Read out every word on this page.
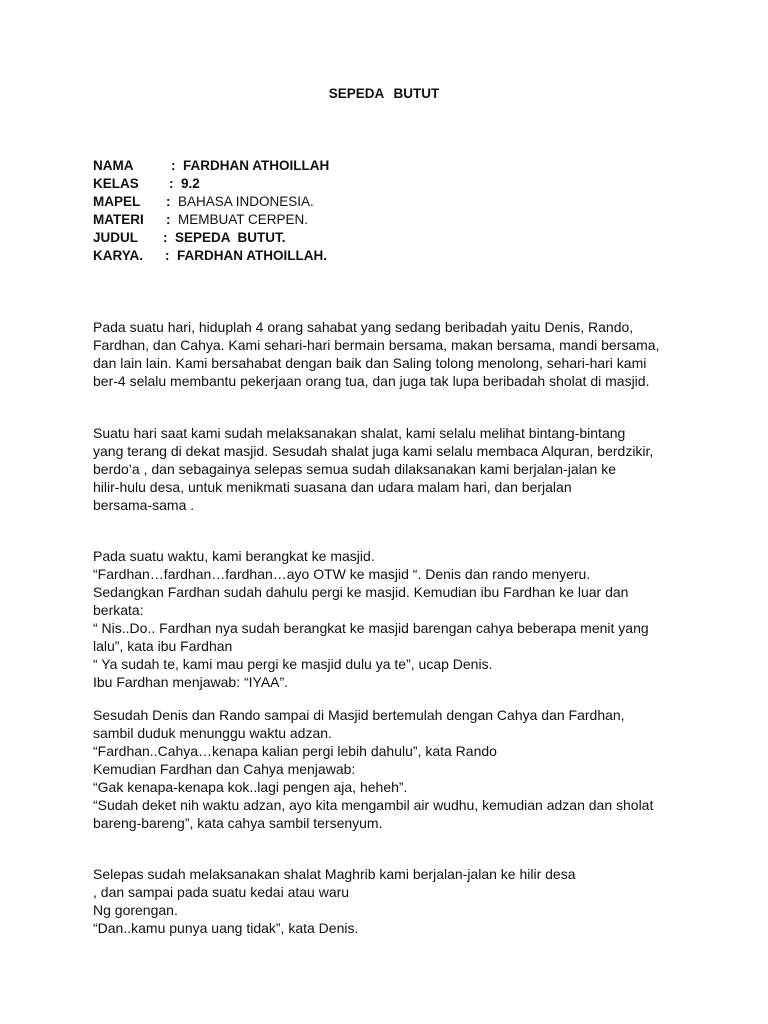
SEPEDA BUTUT
NAMA	: FARDHAN ATHOILLAH
KELAS : 9.2
MAPEL : BAHASA INDONESIA.
MATERI : MEMBUAT CERPEN.
JUDUL : SEPEDA  BUTUT.
KARYA. : FARDHAN ATHOILLAH.

Pada suatu hari, hiduplah 4 orang sahabat yang sedang beribadah yaitu Denis, Rando,
Fardhan, dan Cahya. Kami sehari-hari bermain bersama, makan bersama, mandi bersama,
dan lain lain. Kami bersahabat dengan baik dan Saling tolong menolong, sehari-hari kami
ber-4 selalu membantu pekerjaan orang tua, dan juga tak lupa beribadah sholat di masjid.

Suatu hari saat kami sudah melaksanakan shalat, kami selalu melihat bintang-bintang
yang terang di dekat masjid. Sesudah shalat juga kami selalu membaca Alquran, berdzikir,
berdo’a , dan sebagainya selepas semua sudah dilaksanakan kami berjalan-jalan ke
hilir-hulu desa, untuk menikmati suasana dan udara malam hari, dan berjalan
bersama-sama .

Pada suatu waktu, kami berangkat ke masjid.
“Fardhan…fardhan…fardhan…ayo OTW ke masjid “. Denis dan rando menyeru.
Sedangkan Fardhan sudah dahulu pergi ke masjid. Kemudian ibu Fardhan ke luar dan
berkata:
“ Nis..Do.. Fardhan nya sudah berangkat ke masjid barengan cahya beberapa menit yang
lalu”, kata ibu Fardhan
“ Ya sudah te, kami mau pergi ke masjid dulu ya te”, ucap Denis.
Ibu Fardhan menjawab: “IYAA”.

Sesudah Denis dan Rando sampai di Masjid bertemulah dengan Cahya dan Fardhan,
sambil duduk menunggu waktu adzan.
“Fardhan..Cahya…kenapa kalian pergi lebih dahulu”, kata Rando
Kemudian Fardhan dan Cahya menjawab:
“Gak kenapa-kenapa kok..lagi pengen aja, heheh”.
“Sudah deket nih waktu adzan, ayo kita mengambil air wudhu, kemudian adzan dan sholat
bareng-bareng”, kata cahya sambil tersenyum.

Selepas sudah melaksanakan shalat Maghrib kami berjalan-jalan ke hilir desa
, dan sampai pada suatu kedai atau waru
Ng gorengan.
“Dan..kamu punya uang tidak”, kata Denis.
